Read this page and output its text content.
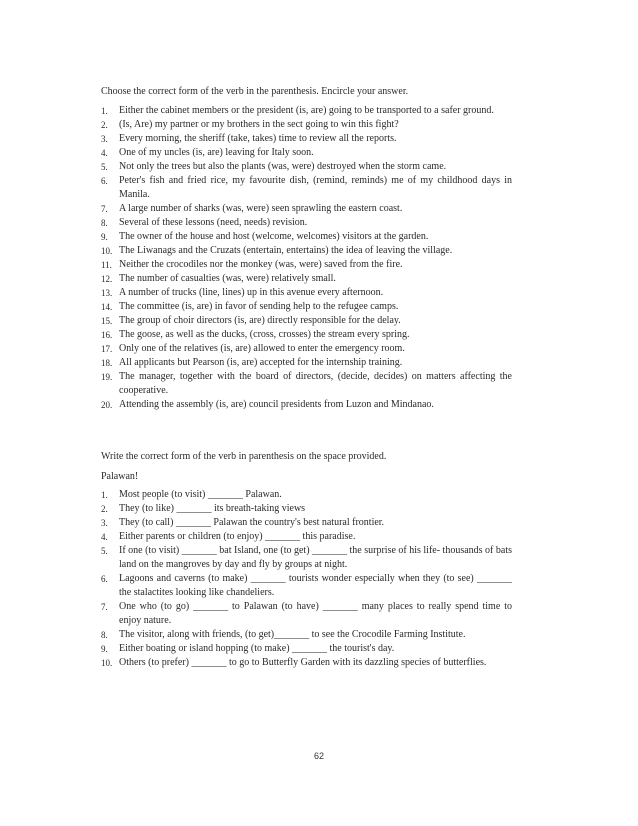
Choose the correct form of the verb in the parenthesis. Encircle your answer.
1. Either the cabinet members or the president (is, are) going to be transported to a safer ground.
2. (Is, Are) my partner or my brothers in the sect going to win this fight?
3. Every morning, the sheriff (take, takes) time to review all the reports.
4. One of my uncles (is, are) leaving for Italy soon.
5. Not only the trees but also the plants (was, were) destroyed when the storm came.
6. Peter's fish and fried rice, my favourite dish, (remind, reminds) me of my childhood days in Manila.
7. A large number of sharks (was, were) seen sprawling the eastern coast.
8. Several of these lessons (need, needs) revision.
9. The owner of the house and host (welcome, welcomes) visitors at the garden.
10. The Liwanags and the Cruzats (entertain, entertains) the idea of leaving the village.
11. Neither the crocodiles nor the monkey (was, were) saved from the fire.
12. The number of casualties (was, were) relatively small.
13. A number of trucks (line, lines) up in this avenue every afternoon.
14. The committee (is, are) in favor of sending help to the refugee camps.
15. The group of choir directors (is, are) directly responsible for the delay.
16. The goose, as well as the ducks, (cross, crosses) the stream every spring.
17. Only one of the relatives (is, are) allowed to enter the emergency room.
18. All applicants but Pearson (is, are) accepted for the internship training.
19. The manager, together with the board of directors, (decide, decides) on matters affecting the cooperative.
20. Attending the assembly (is, are) council presidents from Luzon and Mindanao.
Write the correct form of the verb in parenthesis on the space provided.
Palawan!
1. Most people (to visit) _______ Palawan.
2. They (to like) _______ its breath-taking views
3. They (to call) _______ Palawan the country's best natural frontier.
4. Either parents or children (to enjoy) _______ this paradise.
5. If one (to visit) _______ bat Island, one (to get) _______ the surprise of his life- thousands of bats land on the mangroves by day and fly by groups at night.
6. Lagoons and caverns (to make) _______ tourists wonder especially when they (to see) _______ the stalactites looking like chandeliers.
7. One who (to go) _______ to Palawan (to have) _______ many places to really spend time to enjoy nature.
8. The visitor, along with friends, (to get)_______ to see the Crocodile Farming Institute.
9. Either boating or island hopping (to make) _______ the tourist's day.
10. Others (to prefer) _______ to go to Butterfly Garden with its dazzling species of butterflies.
62
